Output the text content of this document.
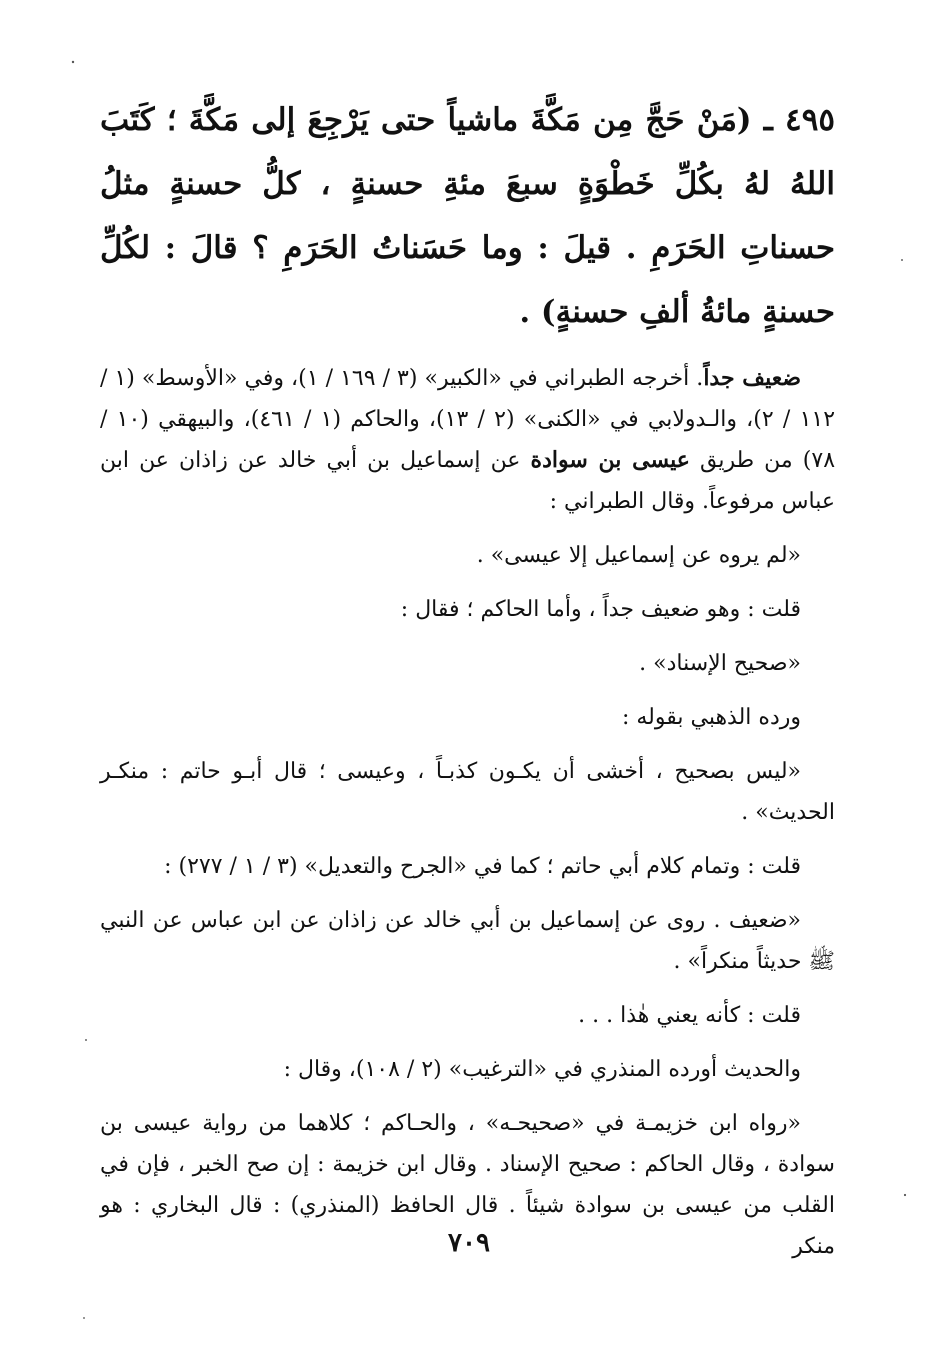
٤٩٥ ـ (مَنْ حَجَّ مِن مَكَّةَ ماشياً حتى يَرْجِعَ إلى مَكَّةَ ؛ كَتَبَ اللهُ لهُ بكُلِّ خَطْوَةٍ سبعَ مئةِ حسنةٍ ، كلُّ حسنةٍ مثلُ حسناتِ الحَرَمِ . قيلَ : وما حَسَناتُ الحَرَمِ ؟ قالَ : لكُلِّ حسنةٍ مائةُ ألفِ حسنةٍ) .

ضعيف جداً. أخرجه الطبراني في «الكبير» (٣ / ١٦٩ / ١)، وفي «الأوسط» (١ / ١١٢ / ٢)، والـدولابي في «الكنى» (٢ / ١٣)، والحاكم (١ / ٤٦١)، والبيهقي (١٠ / ٧٨) من طريق عيسى بن سوادة عن إسماعيل بن أبي خالد عن زاذان عن ابن عباس مرفوعاً. وقال الطبراني :

«لم يروه عن إسماعيل إلا عيسى» .

قلت : وهو ضعيف جداً ، وأما الحاكم ؛ فقال :

«صحيح الإسناد» .

ورده الذهبي بقوله :

«ليس بصحيح ، أخشى أن يكـون كذبـاً ، وعيسى ؛ قال أبـو حاتم : منكـر الحديث» .

قلت : وتمام كلام أبي حاتم ؛ كما في «الجرح والتعديل» (٣ / ١ / ٢٧٧) :

«ضعيف . روى عن إسماعيل بن أبي خالد عن زاذان عن ابن عباس عن النبي ﷺ حديثاً منكراً» .

قلت : كأنه يعني هٰذا . . .

والحديث أورده المنذري في «الترغيب» (٢ / ١٠٨)، وقال :

«رواه ابن خزيمـة في «صحيحـه» ، والحـاكم ؛ كلاهما من رواية عيسى بن سوادة ، وقال الحاكم : صحيح الإسناد . وقال ابن خزيمة : إن صح الخبر ، فإن في القلب من عيسى بن سوادة شيئاً . قال الحافظ (المنذري) : قال البخاري : هو منكر

٧٠٩
